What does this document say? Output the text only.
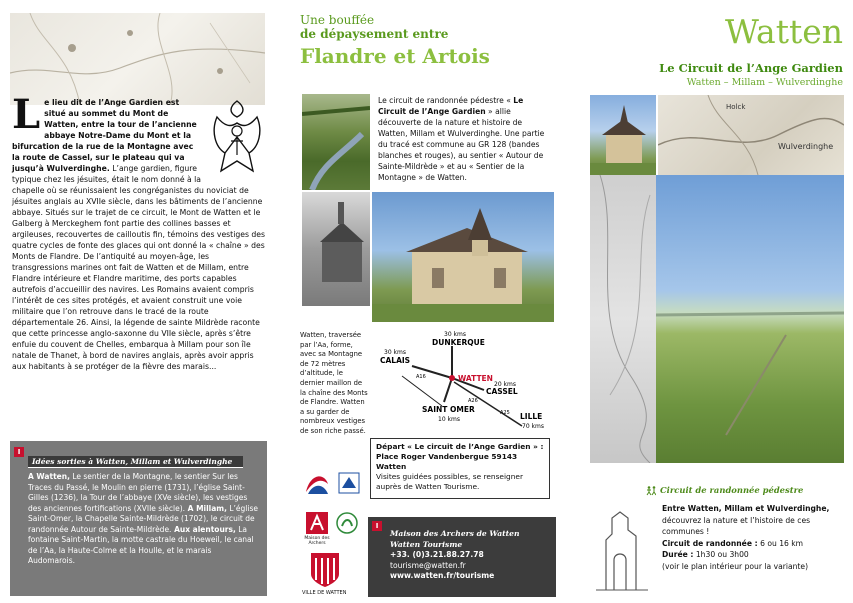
L e lieu dit de l’Ange Gardien est situé au sommet du Mont de Watten, entre la tour de l’ancienne abbaye Notre-Dame du Mont et la bifurcation de la rue de la Montagne avec la route de Cassel, sur le plateau qui va jusqu’à Wulverdinghe. L’ange gardien, figure typique chez les jésuites, était le nom donné à la chapelle où se réunissaient les congréganistes du noviciat de jésuites anglais au XVIIe siècle, dans les bâtiments de l’ancienne abbaye. Situés sur le trajet de ce circuit, le Mont de Watten et le Galberg à Merckeghem font partie des collines basses et argileuses, recouvertes de cailloutis fin, témoins des vestiges des quatre cycles de fonte des glaces qui ont donné la « chaîne » des Monts de Flandre. De l’antiquité au moyen-âge, les transgressions marines ont fait de Watten et de Millam, entre Flandre intérieure et Flandre maritime, des ports capables autrefois d’accueillir des navires. Les Romains avaient compris l’intérêt de ces sites protégés, et avaient construit une voie militaire que l’on retrouve dans le tracé de la route départementale 26. Ainsi, la légende de sainte Mildrède raconte que cette princesse anglo-saxonne du VIIe siècle, après s’être enfuie du couvent de Chelles, embarqua à Millam pour son île natale de Thanet, à bord de navires anglais, après avoir appris aux habitants à se protéger de la fièvre des marais...
I
Idées sorties à Watten, Millam et Wulverdinghe
A Watten, Le sentier de la Montagne, le sentier Sur les Traces du Passé, le Moulin en pierre (1731), l’église Saint-Gilles (1236), la Tour de l’abbaye (XVe siècle), les vestiges des anciennes fortifications (XVIIe siècle). A Millam, L’église Saint-Omer, la Chapelle Sainte-Mildrède (1702), le circuit de randonnée Autour de Sainte-Mildrède. Aux alentours, La fontaine Saint-Martin, la motte castrale du Hoeweil, le canal de l’Aa, la Haute-Colme et la Houlle, et le marais Audomarois.
Une bouffée
de dépaysement entre
Flandre et Artois
Le circuit de randonnée pédestre « Le Circuit de l’Ange Gardien » allie découverte de la nature et histoire de Watten, Millam et Wulverdinghe. Une partie du tracé est commune au GR 128 (bandes blanches et rouges), au sentier « Autour de Sainte-Mildrède » et au « Sentier de la Montagne » de Watten.
Watten, traversée par l’Aa, forme, avec sa Montagne de 72 mètres d’altitude, le dernier maillon de la chaîne des Monts de Flandre. Watten a su garder de nombreux vestiges de son riche passé.
WATTEN
30 kms
DUNKERQUE
30 kms
CALAIS
20 kms
CASSEL
SAINT OMER
10 kms	LILLE
70 kms
A16
A26
A25
Départ « Le circuit de l’Ange Gardien » : Place Roger Vandenbergue 59143 Watten
Visites guidées possibles, se renseigner auprès de Watten Tourisme.
Maison des Archers
VILLE DE WATTEN
I
Maison des Archers de Watten
Watten Tourisme
+33. (0)3.21.88.27.78
tourisme@watten.fr
www.watten.fr/tourisme
Watten
Le Circuit de l’Ange Gardien
Watten – Millam – Wulverdinghe
Holck
Wulverdinghe
Circuit de randonnée pédestre
Entre Watten, Millam et Wulverdinghe, découvrez la nature et l’histoire de ces communes !
Circuit de randonnée : 6 ou 16 km
Durée : 1h30 ou 3h00
(voir le plan intérieur pour la variante)
